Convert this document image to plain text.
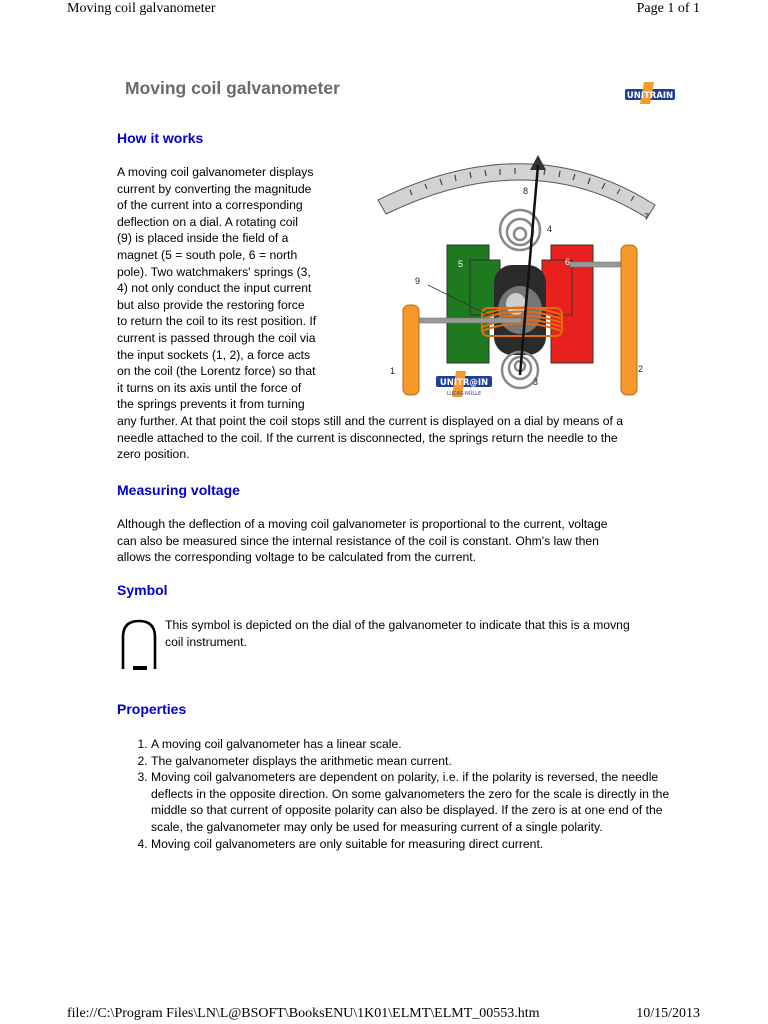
Moving coil galvanometer	Page 1 of 1
Moving coil galvanometer	UNITRAIN
How it works
A moving coil galvanometer displays
current by converting the magnitude
of the current into a corresponding
deflection on a dial. A rotating coil
(9) is placed inside the field of a
magnet (5 = south pole, 6 = north
pole). Two watchmakers' springs (3,
4) not only conduct the input current
but also provide the restoring force
to return the coil to its rest position. If
current is passed through the coil via
the input sockets (1, 2), a force acts
on the coil (the Lorentz force) so that
it turns on its axis until the force of
the springs prevents it from turning
any further. At that point the coil stops still and the current is displayed on a dial by means of a
needle attached to the coil. If the current is disconnected, the springs return the needle to the
zero position.
1	2
3
4
5	6
7
8
9
UNITR@IN
LUCAS-NÜLLE
Measuring voltage
Although the deflection of a moving coil galvanometer is proportional to the current, voltage
can also be measured since the internal resistance of the coil is constant. Ohm's law then
allows the corresponding voltage to be calculated from the current.
Symbol
This symbol is depicted on the dial of the galvanometer to indicate that this is a movng
coil instrument.
Properties
1. A moving coil galvanometer has a linear scale.
2. The galvanometer displays the arithmetic mean current.
3. Moving coil galvanometers are dependent on polarity, i.e. if the polarity is reversed, the needle deflects in the opposite direction. On some galvanometers the zero for the scale is directly in the middle so that current of opposite polarity can also be displayed. If the zero is at one end of the scale, the galvanometer may only be used for measuring current of a single polarity.
4. Moving coil galvanometers are only suitable for measuring direct current.
file://C:\Program Files\LN\L@BSOFT\BooksENU\1K01\ELMT\ELMT_00553.htm	10/15/2013
